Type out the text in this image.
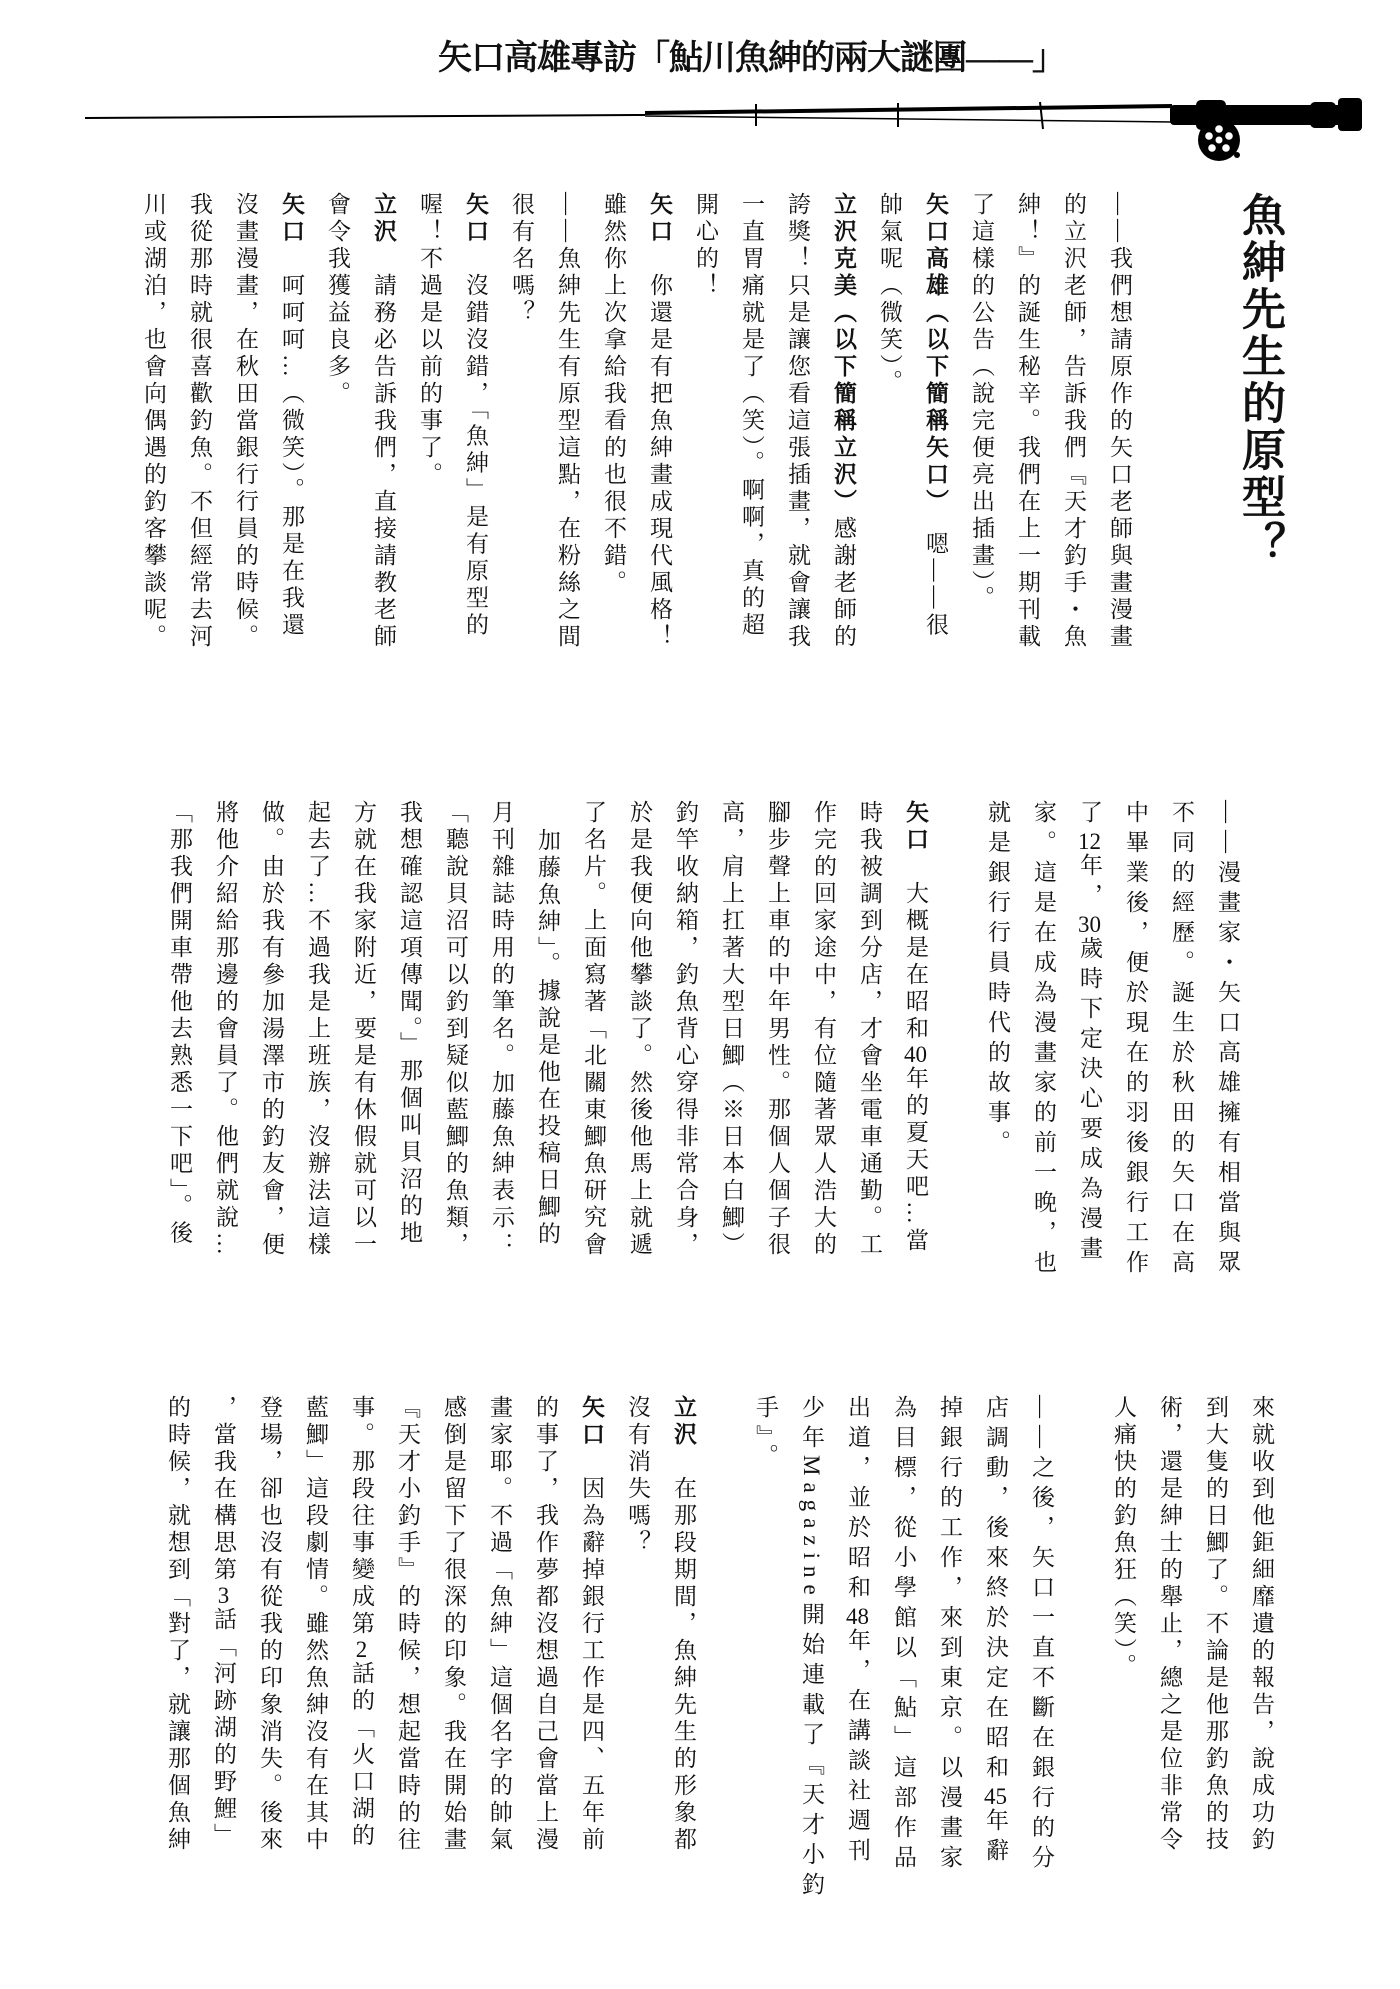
矢口高雄專訪「鮎川魚紳的兩大謎團——」
魚紳先生的原型？
——我們想請原作的矢口老師與畫漫畫
的立沢老師，告訴我們『天才釣手・魚
紳！』的誕生秘辛。我們在上一期刊載
了這樣的公告（說完便亮出插畫）。
矢口高雄（以下簡稱矢口）　嗯——很
帥氣呢（微笑）。
立沢克美（以下簡稱立沢）感謝老師的
誇獎！只是讓您看這張插畫，就會讓我
一直胃痛就是了（笑）。啊啊，真的超
開心的！
矢口　你還是有把魚紳畫成現代風格！
雖然你上次拿給我看的也很不錯。
——魚紳先生有原型這點，在粉絲之間
很有名嗎？
矢口　沒錯沒錯，「魚紳」是有原型的
喔！不過是以前的事了。
立沢　請務必告訴我們，直接請教老師
會令我獲益良多。
矢口　呵呵呵…（微笑）。那是在我還
沒畫漫畫，在秋田當銀行行員的時候。
我從那時就很喜歡釣魚。不但經常去河
川或湖泊，也會向偶遇的釣客攀談呢。
——漫畫家・矢口高雄擁有相當與眾
不同的經歷。誕生於秋田的矢口在高
中畢業後，便於現在的羽後銀行工作
了12年，30歲時下定決心要成為漫畫
家。這是在成為漫畫家的前一晚，也
就是銀行行員時代的故事。
矢口　大概是在昭和40年的夏天吧…當
時我被調到分店，才會坐電車通勤。工
作完的回家途中，有位隨著眾人浩大的
腳步聲上車的中年男性。那個人個子很
高，肩上扛著大型日鯽（※日本白鯽）
釣竿收納箱，釣魚背心穿得非常合身，
於是我便向他攀談了。然後他馬上就遞
了名片。上面寫著「北關東鯽魚研究會
加藤魚紳」。據說是他在投稿日鯽的
月刊雜誌時用的筆名。加藤魚紳表示：
「聽說貝沼可以釣到疑似藍鯽的魚類，
我想確認這項傳聞。」那個叫貝沼的地
方就在我家附近，要是有休假就可以一
起去了…不過我是上班族，沒辦法這樣
做。由於我有參加湯澤市的釣友會，便
將他介紹給那邊的會員了。他們就說…
「那我們開車帶他去熟悉一下吧」。後
來就收到他鉅細靡遺的報告，說成功釣
到大隻的日鯽了。不論是他那釣魚的技
術，還是紳士的舉止，總之是位非常令
人痛快的釣魚狂（笑）。
——之後，矢口一直不斷在銀行的分
店調動，後來終於決定在昭和45年辭
掉銀行的工作，來到東京。以漫畫家
為目標，從小學館以「鮎」這部作品
出道，並於昭和48年，在講談社週刊
少年Magazine開始連載了『天才小釣
手』。
立沢　在那段期間，魚紳先生的形象都
沒有消失嗎？
矢口　因為辭掉銀行工作是四、五年前
的事了，我作夢都沒想過自己會當上漫
畫家耶。不過「魚紳」這個名字的帥氣
感倒是留下了很深的印象。我在開始畫
『天才小釣手』的時候，想起當時的往
事。那段往事變成第2話的「火口湖的
藍鯽」這段劇情。雖然魚紳沒有在其中
登場，卻也沒有從我的印象消失。後來
，當我在構思第3話「河跡湖的野鯉」
的時候，就想到「對了，就讓那個魚紳
